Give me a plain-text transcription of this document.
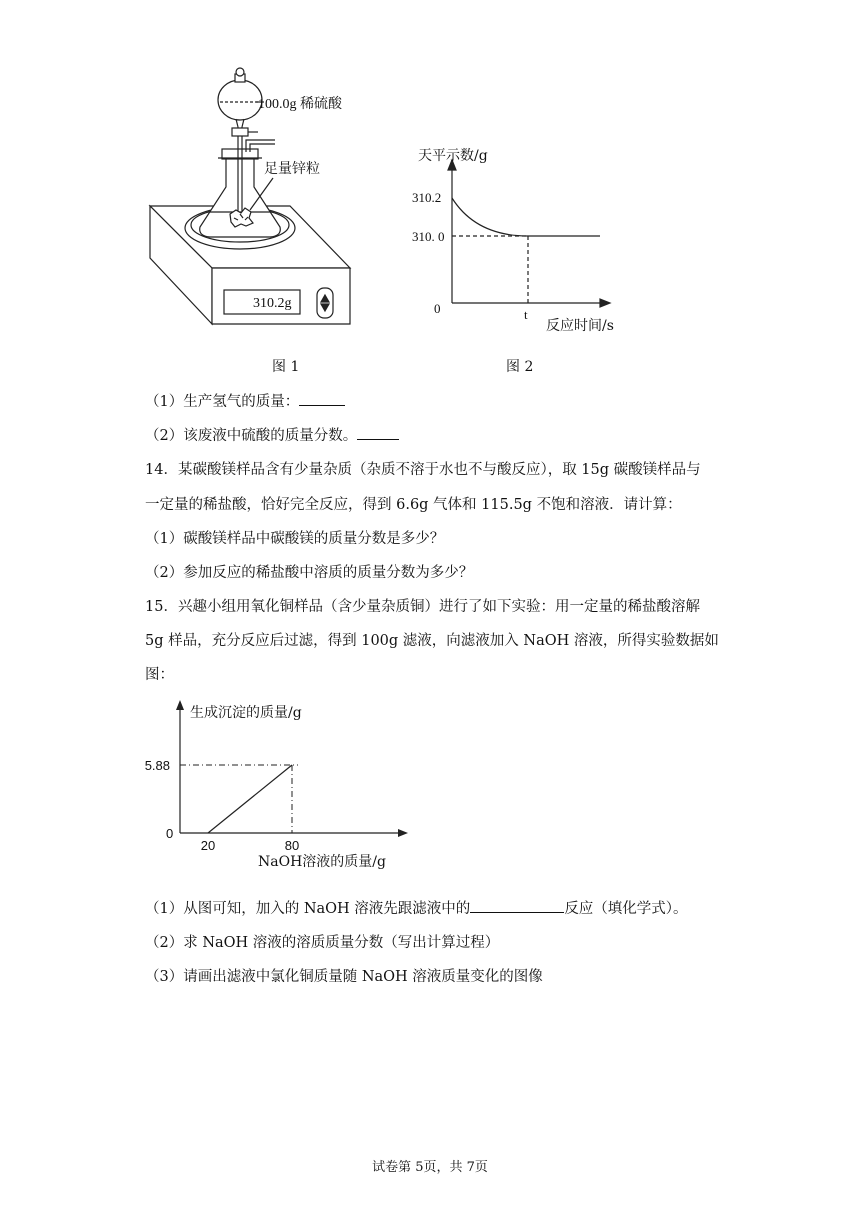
100.0g 稀硫酸
足量锌粒
310.2g
图 1
天平示数/g
反应时间/s
310.2
310. 0
0	t
图 2
（1）生产氢气的质量：
（2）该废液中硫酸的质量分数。
14．某碳酸镁样品含有少量杂质（杂质不溶于水也不与酸反应），取 15g 碳酸镁样品与
一定量的稀盐酸，恰好完全反应，得到 6.6g 气体和 115.5g 不饱和溶液．请计算：
（1）碳酸镁样品中碳酸镁的质量分数是多少？
（2）参加反应的稀盐酸中溶质的质量分数为多少？
15．兴趣小组用氧化铜样品（含少量杂质铜）进行了如下实验：用一定量的稀盐酸溶解
5g 样品，充分反应后过滤，得到 100g 滤液，向滤液加入 NaOH 溶液，所得实验数据如
图：
0
5.88
20	80
生成沉淀的质量/g
NaOH溶液的质量/g
（1）从图可知，加入的 NaOH 溶液先跟滤液中的	反应（填化学式）。
（2）求 NaOH 溶液的溶质质量分数（写出计算过程）
（3）请画出滤液中氯化铜质量随 NaOH 溶液质量变化的图像
试卷第 5页，共 7页
